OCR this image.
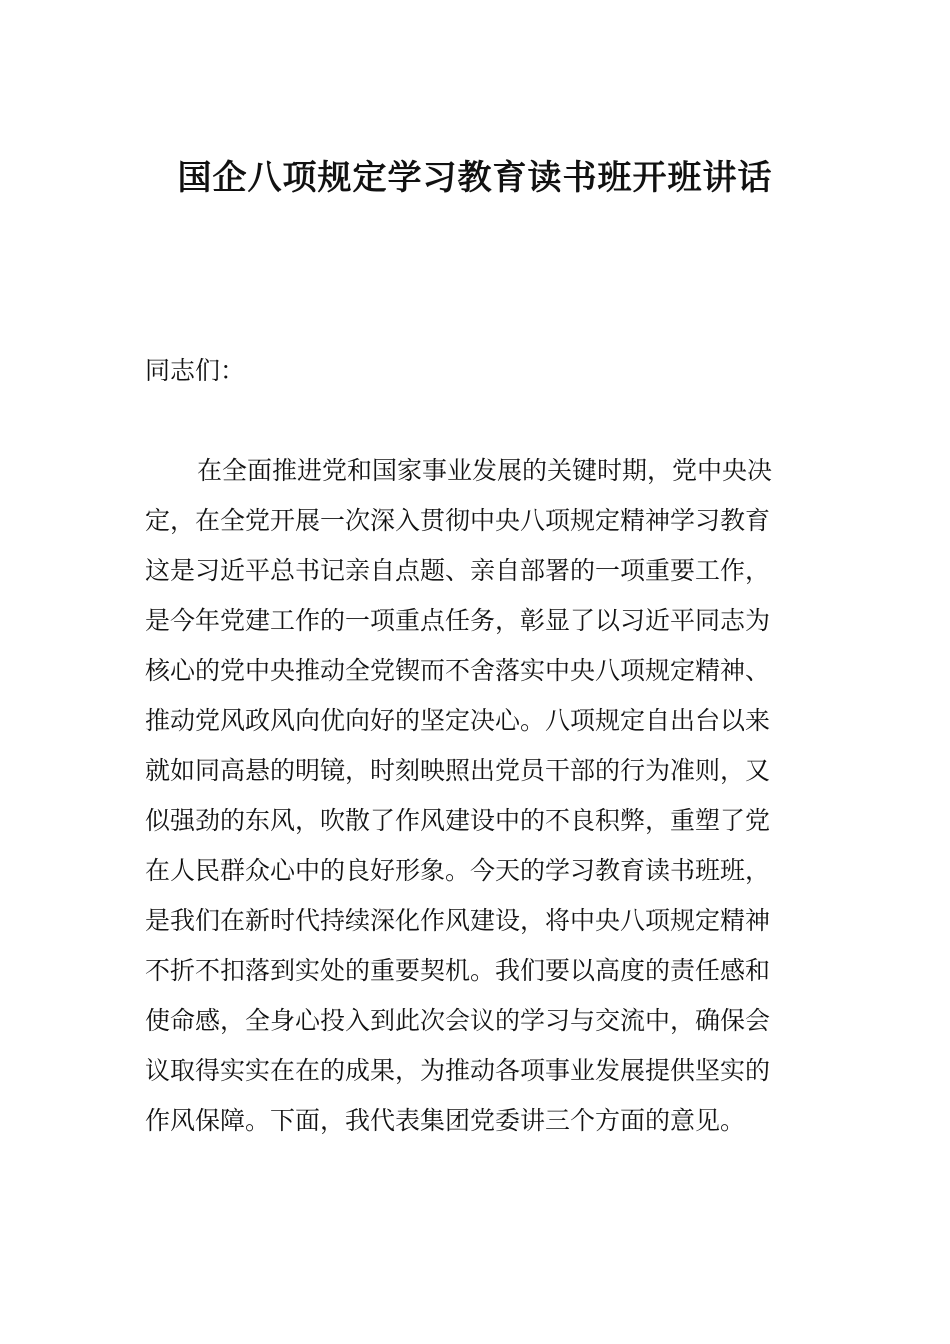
国企八项规定学习教育读书班开班讲话
同志们：
在全面推进党和国家事业发展的关键时期，党中央决
定，在全党开展一次深入贯彻中央八项规定精神学习教育
这是习近平总书记亲自点题、亲自部署的一项重要工作，
是今年党建工作的一项重点任务，彰显了以习近平同志为
核心的党中央推动全党锲而不舍落实中央八项规定精神、
推动党风政风向优向好的坚定决心。八项规定自出台以来
就如同高悬的明镜，时刻映照出党员干部的行为准则，又
似强劲的东风，吹散了作风建设中的不良积弊，重塑了党
在人民群众心中的良好形象。今天的学习教育读书班班，
是我们在新时代持续深化作风建设，将中央八项规定精神
不折不扣落到实处的重要契机。我们要以高度的责任感和
使命感，全身心投入到此次会议的学习与交流中，确保会
议取得实实在在的成果，为推动各项事业发展提供坚实的
作风保障。下面，我代表集团党委讲三个方面的意见。
